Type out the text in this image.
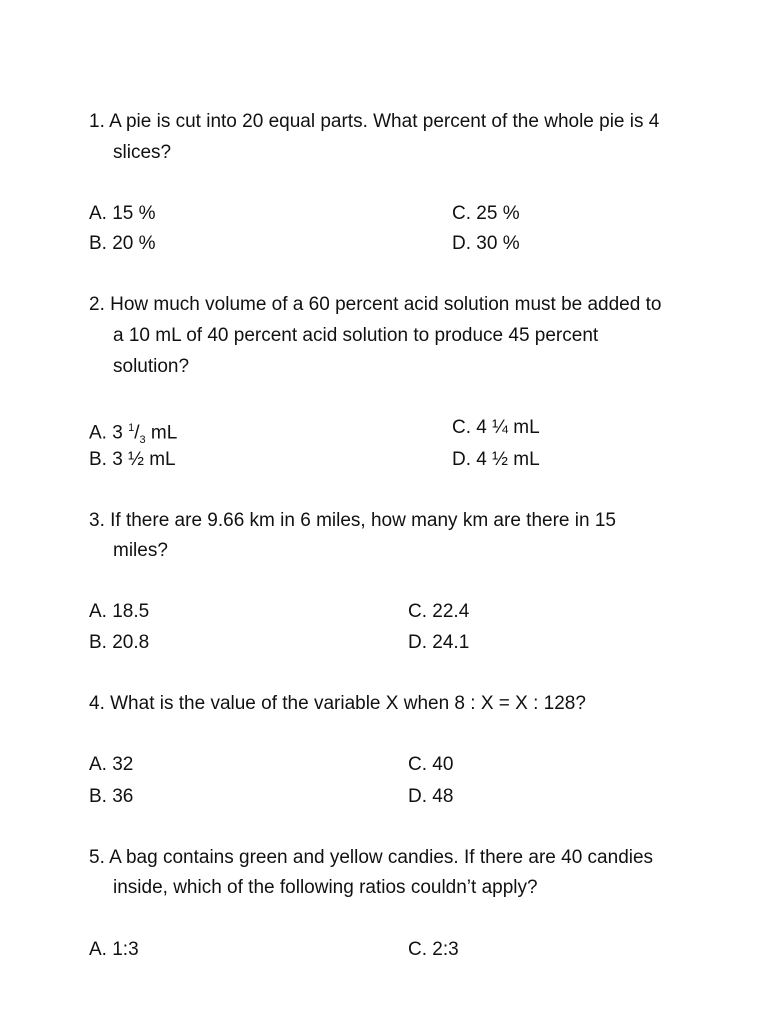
1. A pie is cut into 20 equal parts. What percent of the whole pie is 4
slices?
A. 15 %	C. 25 %
B. 20 %	D. 30 %
2. How much volume of a 60 percent acid solution must be added to
a 10 mL of 40 percent acid solution to produce 45 percent
solution?
A. 3 $^1/_3$ mL	C. 4 ¼ mL
B. 3 ½ mL	D. 4 ½ mL
3. If there are 9.66 km in 6 miles, how many km are there in 15
miles?
A. 18.5	C. 22.4
B. 20.8	D. 24.1
4. What is the value of the variable X when 8 : X = X : 128?
A. 32	C. 40
B. 36	D. 48
5. A bag contains green and yellow candies. If there are 40 candies
inside, which of the following ratios couldn’t apply?
A. 1:3	C. 2:3
